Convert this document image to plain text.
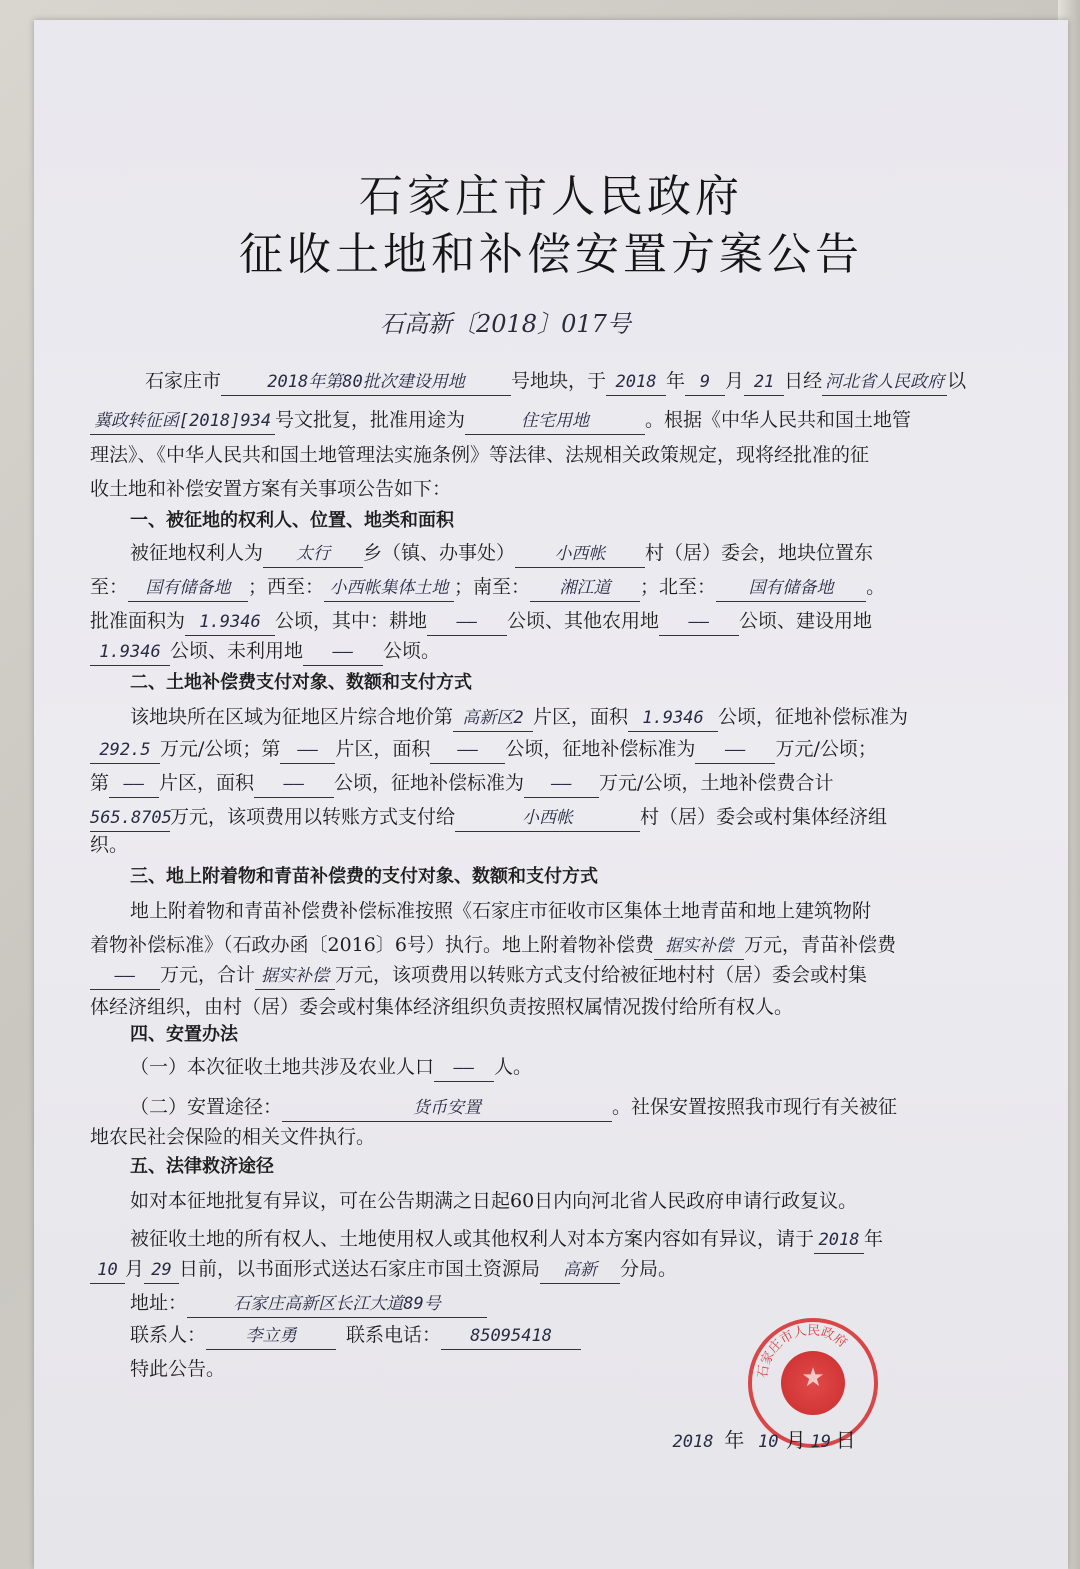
石家庄市人民政府
征收土地和补偿安置方案公告
石高新〔2018〕017号
石家庄市	2018年第80批次建设用地 号地块，于 2018 年 9 月 21 日经 河北省人民政府 以
冀政转征函[2018]934 号文批复，批准用途为	住宅用地	。根据《中华人民共和国土地管
理法》、《中华人民共和国土地管理法实施条例》等法律、法规相关政策规定，现将经批准的征
收土地和补偿安置方案有关事项公告如下：
一、被征地的权利人、位置、地类和面积
被征地权利人为 太行 乡（镇、办事处） 小西帐 村（居）委会，地块位置东
至： 国有储备地 ；西至： 小西帐集体土地 ；南至： 湘江道 ；北至： 国有储备地 。
批准面积为 1.9346 公顷，其中：耕地 —— 公顷、其他农用地 —— 公顷、建设用地
1.9346 公顷、未利用地 —— 公顷。
二、土地补偿费支付对象、数额和支付方式
该地块所在区域为征地区片综合地价第 高新区2 片区，面积 1.9346 公顷，征地补偿标准为
292.5 万元/公顷；第 —— 片区，面积 —— 公顷，征地补偿标准为 —— 万元/公顷；
第 —— 片区，面积 —— 公顷，征地补偿标准为 —— 万元/公顷，土地补偿费合计
565.8705万元，该项费用以转账方式支付给	小西帐	村（居）委会或村集体经济组
织。
三、地上附着物和青苗补偿费的支付对象、数额和支付方式
地上附着物和青苗补偿费补偿标准按照《石家庄市征收市区集体土地青苗和地上建筑物附
着物补偿标准》（石政办函〔2016〕6号）执行。地上附着物补偿费 据实补偿 万元，青苗补偿费
—— 万元，合计 据实补偿 万元，该项费用以转账方式支付给被征地村村（居）委会或村集
体经济组织，由村（居）委会或村集体经济组织负责按照权属情况拨付给所有权人。
四、安置办法
（一）本次征收土地共涉及农业人口 —— 人。
（二）安置途径：	货币安置	。社保安置按照我市现行有关被征
地农民社会保险的相关文件执行。
五、法律救济途径
如对本征地批复有异议，可在公告期满之日起60日内向河北省人民政府申请行政复议。
被征收土地的所有权人、土地使用权人或其他权利人对本方案内容如有异议，请于 2018 年
10 月 29 日前，以书面形式送达石家庄市国土资源局 高新 分局。
地址：	石家庄高新区长江大道89号
联系人： 李立勇	联系电话： 85095418
特此公告。	石家庄市人民政府
★
2018 年 10 月 19 日
